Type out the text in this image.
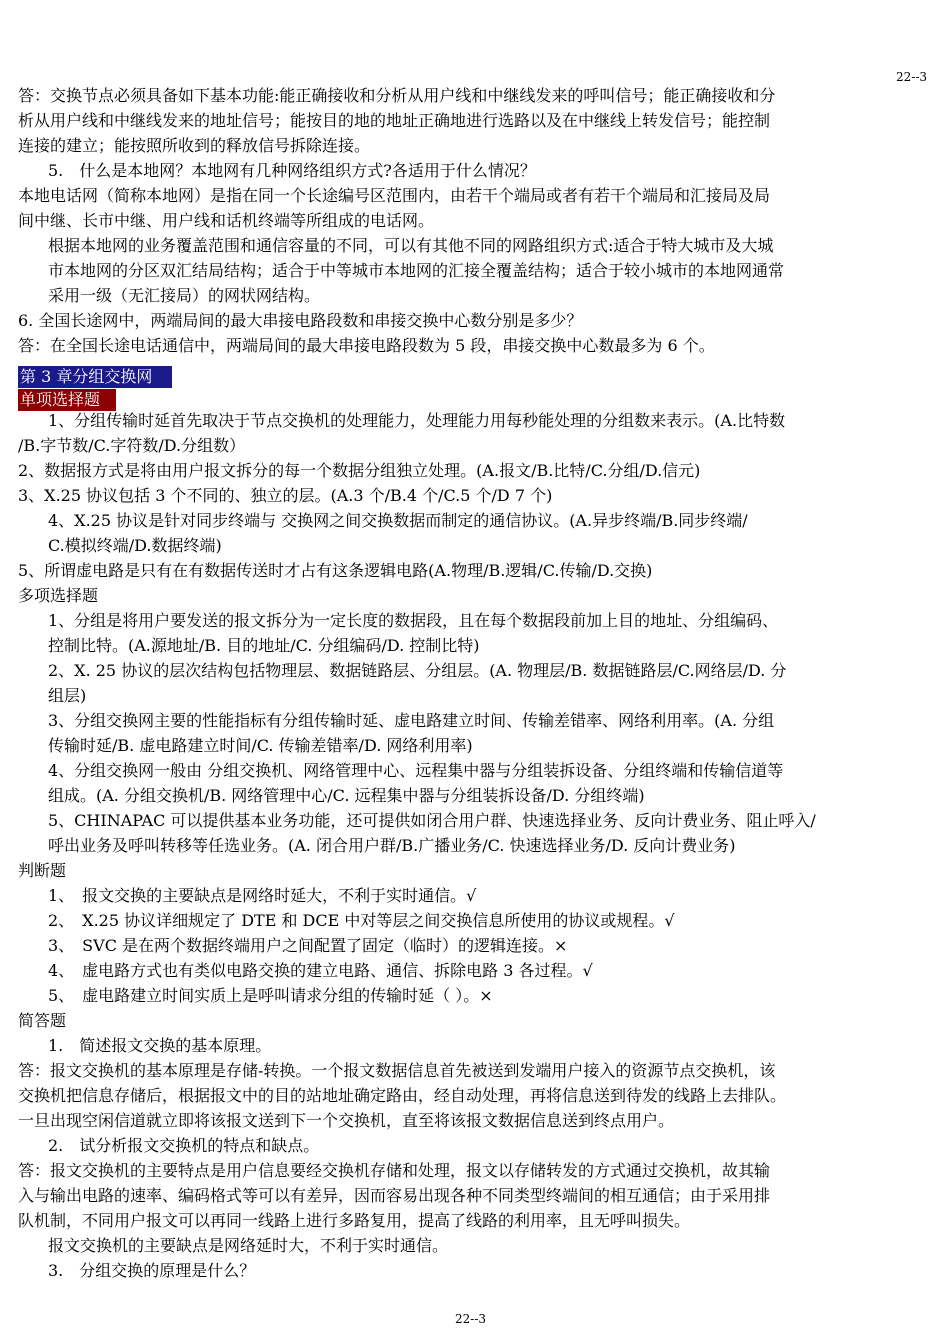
22--3
答：交换节点必须具备如下基本功能:能正确接收和分析从用户线和中继线发来的呼叫信号；能正确接收和分
析从用户线和中继线发来的地址信号；能按目的地的地址正确地进行选路以及在中继线上转发信号；能控制
连接的建立；能按照所收到的释放信号拆除连接。
5.　什么是本地网？本地网有几种网络组织方式?各适用于什么情况？
本地电话网（简称本地网）是指在同一个长途编号区范围内，由若干个端局或者有若干个端局和汇接局及局
间中继、长市中继、用户线和话机终端等所组成的电话网。
根据本地网的业务覆盖范围和通信容量的不同，可以有其他不同的网路组织方式:适合于特大城市及大城
市本地网的分区双汇结局结构；适合于中等城市本地网的汇接全覆盖结构；适合于较小城市的本地网通常
采用一级（无汇接局）的网状网结构。
6. 全国长途网中，两端局间的最大串接电路段数和串接交换中心数分别是多少？
答：在全国长途电话通信中，两端局间的最大串接电路段数为 5 段，串接交换中心数最多为 6 个。
第 3 章分组交换网
单项选择题
1、分组传输时延首先取决于节点交换机的处理能力，处理能力用每秒能处理的分组数来表示。(A.比特数
/B.字节数/C.字符数/D.分组数）
2、数据报方式是将由用户报文拆分的每一个数据分组独立处理。(A.报文/B.比特/C.分组/D.信元)
3、X.25 协议包括 3 个不同的、独立的层。(A.3 个/B.4 个/C.5 个/D 7 个)
4、X.25 协议是针对同步终端与 交换网之间交换数据而制定的通信协议。(A.异步终端/B.同步终端/
C.模拟终端/D.数据终端)
5、所谓虚电路是只有在有数据传送时才占有这条逻辑电路(A.物理/B.逻辑/C.传输/D.交换)
多项选择题
1、分组是将用户要发送的报文拆分为一定长度的数据段，且在每个数据段前加上目的地址、分组编码、
控制比特。(A.源地址/B. 目的地址/C. 分组编码/D. 控制比特)
2、X. 25 协议的层次结构包括物理层、数据链路层、分组层。(A. 物理层/B. 数据链路层/C.网络层/D. 分
组层)
3、分组交换网主要的性能指标有分组传输时延、虚电路建立时间、传输差错率、网络利用率。(A. 分组
传输时延/B. 虚电路建立时间/C. 传输差错率/D. 网络利用率)
4、分组交换网一般由 分组交换机、网络管理中心、远程集中器与分组装拆设备、分组终端和传输信道等
组成。(A. 分组交换机/B. 网络管理中心/C. 远程集中器与分组装拆设备/D. 分组终端)
5、CHINAPAC 可以提供基本业务功能，还可提供如闭合用户群、快速选择业务、反向计费业务、阻止呼入/
呼出业务及呼叫转移等任选业务。(A. 闭合用户群/B.广播业务/C. 快速选择业务/D. 反向计费业务)
判断题
1、　报文交换的主要缺点是网络时延大，不利于实时通信。√
2、　X.25 协议详细规定了 DTE 和 DCE 中对等层之间交换信息所使用的协议或规程。√
3、　SVC 是在两个数据终端用户之间配置了固定（临时）的逻辑连接。×
4、　虚电路方式也有类似电路交换的建立电路、通信、拆除电路 3 各过程。√
5、　虚电路建立时间实质上是呼叫请求分组的传输时延（ ）。×
简答题
1.　简述报文交换的基本原理。
答：报文交换机的基本原理是存储-转换。一个报文数据信息首先被送到发端用户接入的资源节点交换机，该
交换机把信息存储后，根据报文中的目的站地址确定路由，经自动处理，再将信息送到待发的线路上去排队。
一旦出现空闲信道就立即将该报文送到下一个交换机，直至将该报文数据信息送到终点用户。
2.　试分析报文交换机的特点和缺点。
答：报文交换机的主要特点是用户信息要经交换机存储和处理，报文以存储转发的方式通过交换机，故其输
入与输出电路的速率、编码格式等可以有差异，因而容易出现各种不同类型终端间的相互通信；由于采用排
队机制，不同用户报文可以再同一线路上进行多路复用，提高了线路的利用率，且无呼叫损失。
报文交换机的主要缺点是网络延时大，不利于实时通信。
3.　分组交换的原理是什么？
22--3
